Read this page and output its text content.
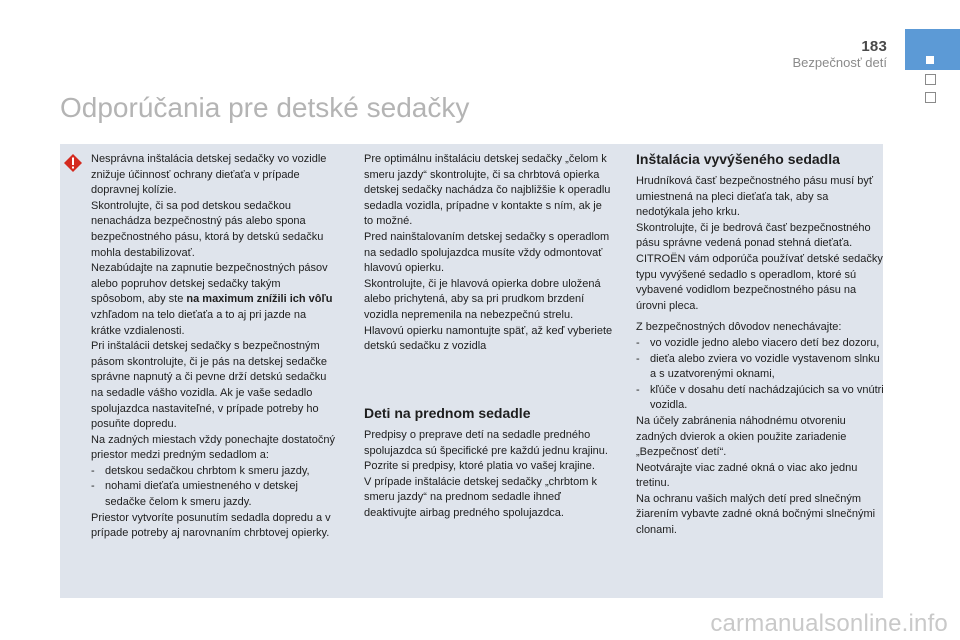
183
Bezpečnosť detí
Odporúčania pre detské sedačky

Nesprávna inštalácia detskej sedačky vo vozidle znižuje účinnosť ochrany dieťaťa v prípade dopravnej kolízie.

Skontrolujte, či sa pod detskou sedačkou nenachádza bezpečnostný pás alebo spona bezpečnostného pásu, ktorá by detskú sedačku mohla destabilizovať.

Nezabúdajte na zapnutie bezpečnostných pásov alebo popruhov detskej sedačky takým spôsobom, aby ste na maximum znížili ich vôľu vzhľadom na telo dieťaťa a to aj pri jazde na krátke vzdialenosti.

Pri inštalácii detskej sedačky s bezpečnostným pásom skontrolujte, či je pás na detskej sedačke správne napnutý a či pevne drží detskú sedačku na sedadle vášho vozidla. Ak je vaše sedadlo spolujazdca nastaviteľné, v prípade potreby ho posuňte dopredu.

Na zadných miestach vždy ponechajte dostatočný priestor medzi predným sedadlom a:

- detskou sedačkou chrbtom k smeru jazdy,
- nohami dieťaťa umiestneného v detskej sedačke čelom k smeru jazdy.

Priestor vytvoríte posunutím sedadla dopredu a v prípade potreby aj narovnaním chrbtovej opierky.

Pre optimálnu inštaláciu detskej sedačky „čelom k smeru jazdy“ skontrolujte, či sa chrbtová opierka detskej sedačky nachádza čo najbližšie k operadlu sedadla vozidla, prípadne v kontakte s ním, ak je to možné.

Pred nainštalovaním detskej sedačky s operadlom na sedadlo spolujazdca musíte vždy odmontovať hlavovú opierku.

Skontrolujte, či je hlavová opierka dobre uložená alebo prichytená, aby sa pri prudkom brzdení vozidla nepremenila na nebezpečnú strelu. Hlavovú opierku namontujte späť, až keď vyberiete detskú sedačku z vozidla

Deti na prednom sedadle

Predpisy o preprave detí na sedadle predného spolujazdca sú špecifické pre každú jednu krajinu.

Pozrite si predpisy, ktoré platia vo vašej krajine.

V prípade inštalácie detskej sedačky „chrbtom k smeru jazdy“ na prednom sedadle ihneď deaktivujte airbag predného spolujazdca.

Inštalácia vyvýšeného sedadla

Hrudníková časť bezpečnostného pásu musí byť umiestnená na pleci dieťaťa tak, aby sa nedotýkala jeho krku.

Skontrolujte, či je bedrová časť bezpečnostného pásu správne vedená ponad stehná dieťaťa.

CITROËN vám odporúča používať detské sedačky typu vyvýšené sedadlo s operadlom, ktoré sú vybavené vodidlom bezpečnostného pásu na úrovni pleca.

Z bezpečnostných dôvodov nenechávajte:

- vo vozidle jedno alebo viacero detí bez dozoru,
- dieťa alebo zviera vo vozidle vystavenom slnku a s uzatvorenými oknami,
- kľúče v dosahu detí nachádzajúcich sa vo vnútri vozidla.

Na účely zabránenia náhodnému otvoreniu zadných dvierok a okien použite zariadenie „Bezpečnosť detí“.

Neotvárajte viac zadné okná o viac ako jednu tretinu.

Na ochranu vašich malých detí pred slnečným žiarením vybavte zadné okná bočnými slnečnými clonami.

carmanualsonline.info
